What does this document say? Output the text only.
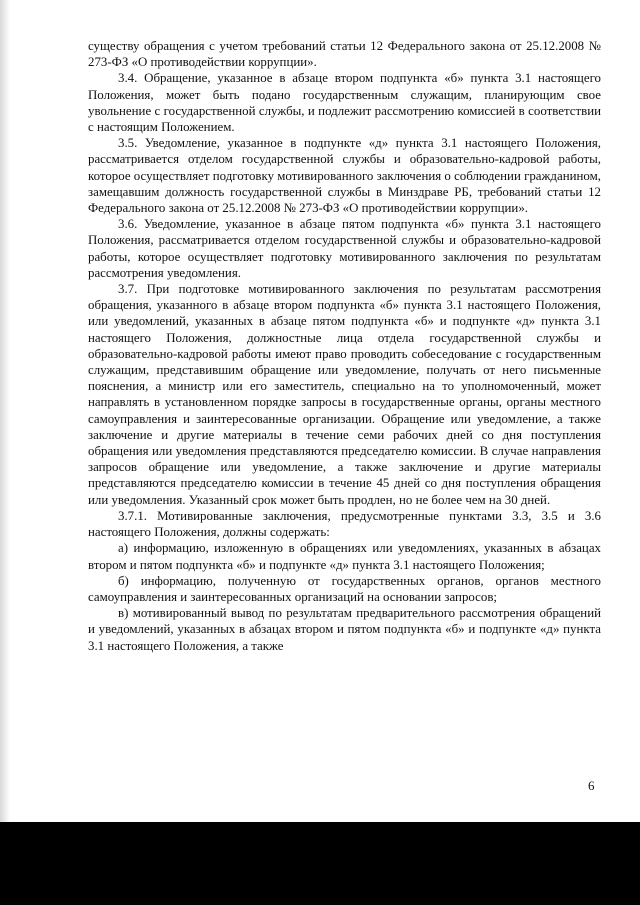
существу обращения с учетом требований статьи 12 Федерального закона от 25.12.2008 № 273-ФЗ «О противодействии коррупции».

3.4. Обращение, указанное в абзаце втором подпункта «б» пункта 3.1 настоящего Положения, может быть подано государственным служащим, планирующим свое увольнение с государственной службы, и подлежит рассмотрению комиссией в соответствии с настоящим Положением.

3.5. Уведомление, указанное в подпункте «д» пункта 3.1 настоящего Положения, рассматривается отделом государственной службы и образовательно-кадровой работы, которое осуществляет подготовку мотивированного заключения о соблюдении гражданином, замещавшим должность государственной службы в Минздраве РБ, требований статьи 12 Федерального закона от 25.12.2008 № 273-ФЗ «О противодействии коррупции».

3.6. Уведомление, указанное в абзаце пятом подпункта «б» пункта 3.1 настоящего Положения, рассматривается отделом государственной службы и образовательно-кадровой работы, которое осуществляет подготовку мотивированного заключения по результатам рассмотрения уведомления.

3.7. При подготовке мотивированного заключения по результатам рассмотрения обращения, указанного в абзаце втором подпункта «б» пункта 3.1 настоящего Положения, или уведомлений, указанных в абзаце пятом подпункта «б» и подпункте «д» пункта 3.1 настоящего Положения, должностные лица отдела государственной службы и образовательно-кадровой работы имеют право проводить собеседование с государственным служащим, представившим обращение или уведомление, получать от него письменные пояснения, а министр или его заместитель, специально на то уполномоченный, может направлять в установленном порядке запросы в государственные органы, органы местного самоуправления и заинтересованные организации. Обращение или уведомление, а также заключение и другие материалы в течение семи рабочих дней со дня поступления обращения или уведомления представляются председателю комиссии. В случае направления запросов обращение или уведомление, а также заключение и другие материалы представляются председателю комиссии в течение 45 дней со дня поступления обращения или уведомления. Указанный срок может быть продлен, но не более чем на 30 дней.

3.7.1. Мотивированные заключения, предусмотренные пунктами 3.3, 3.5 и 3.6 настоящего Положения, должны содержать:

а) информацию, изложенную в обращениях или уведомлениях, указанных в абзацах втором и пятом подпункта «б» и подпункте «д» пункта 3.1 настоящего Положения;

б) информацию, полученную от государственных органов, органов местного самоуправления и заинтересованных организаций на основании запросов;

в) мотивированный вывод по результатам предварительного рассмотрения обращений и уведомлений, указанных в абзацах втором и пятом подпункта «б» и подпункте «д» пункта 3.1 настоящего Положения, а также

6
